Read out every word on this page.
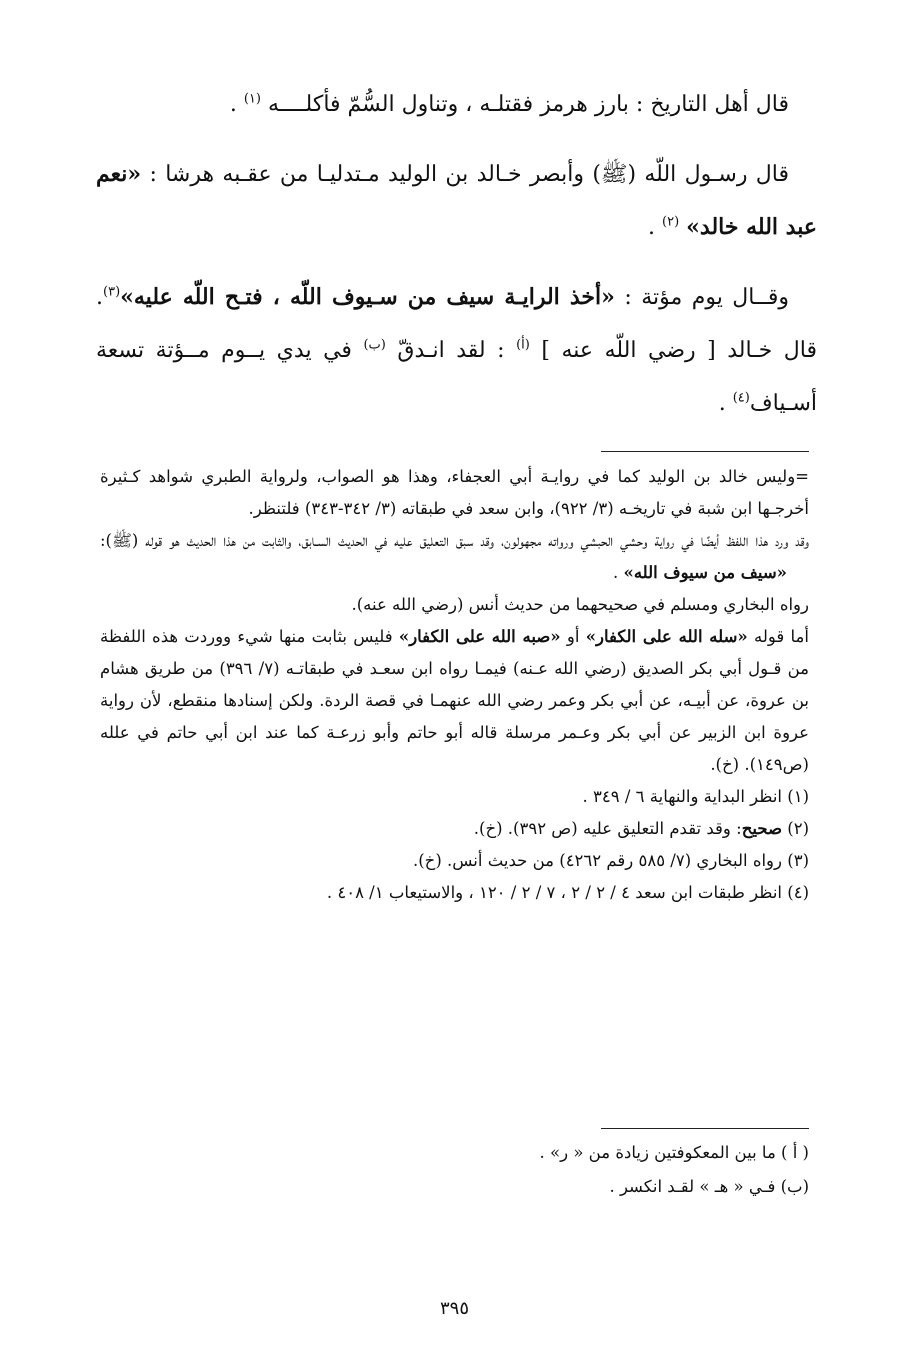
قال أهل التاريخ : بارز هرمز فقتلـه ، وتناول السُّمّ فأكلــــه $^{(١)}$ .

قال رسـول اللّه (ﷺ) وأبصر خـالد بن الوليد مـتدليـا من عقـبه هرشا : «نعم عبد الله خالد» $^{(٢)}$ .

وقــال يوم مؤتة : «أخذ الرايـة سيف من سـيوف اللّه ، فتـح اللّه عليه»$^{(٣)}$. قال خـالد [ رضي اللّه عنه ] $^{(أ)}$ : لقد انـدقّ $^{(ب)}$ في يدي يــوم مــؤتة تسعة أسـياف$^{(٤)}$ .

=وليس خالد بن الوليد كما في روايـة أبي العجفاء، وهذا هو الصواب، ولرواية الطبري شواهد كـثيرة أخرجـها ابن شبة في تاريخـه (٣/ ٩٢٢)، وابن سعد في طبقاته (٣/ ٣٤٢-٣٤٣) فلتنظر.

وقد ورد هذا اللفظ أيضًا في رواية وحشي الحبشي ورواته مجهولون، وقد سبق التعليق عليه في الحديث السـابق، والثابت من هذا الحديث هو قوله (ﷺ): «سيف من سيوف الله» .

رواه البخاري ومسلم في صحيحهما من حديث أنس (رضي الله عنه).

أما قوله «سله الله على الكفار» أو «صبه الله على الكفار» فليس بثابت منها شيء ووردت هذه اللفظة من قـول أبي بكر الصديق (رضي الله عـنه) فيمـا رواه ابن سعـد في طبقاتـه (٧/ ٣٩٦) من طريق هشام بن عروة، عن أبيـه، عن أبي بكر وعمر رضي الله عنهمـا في قصة الردة. ولكن إسنادها منقطع، لأن رواية عروة ابن الزبير عن أبي بكر وعـمر مرسلة قاله أبو حاتم وأبو زرعـة كما عند ابن أبي حاتم في علله (ص١٤٩). (خ).

(١) انظر البداية والنهاية ٦ / ٣٤٩ .

(٢) صحيح: وقد تقدم التعليق عليه (ص ٣٩٢). (خ).

(٣) رواه البخاري (٧/ ٥٨٥ رقم ٤٢٦٢) من حديث أنس. (خ).

(٤) انظر طبقات ابن سعد ٤ / ٢ / ٢ ، ٧ / ٢ / ١٢٠ ، والاستيعاب ١/ ٤٠٨ .

( أ ) ما بين المعكوفتين زيادة من « ر» .

(ب) فـي « هـ » لقـد انكسر .

٣٩٥
